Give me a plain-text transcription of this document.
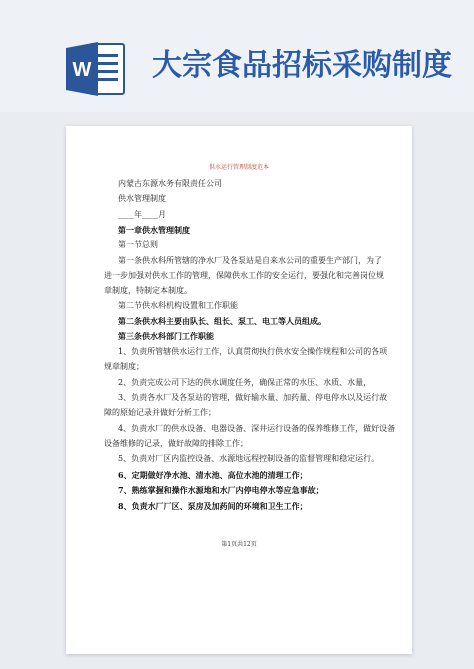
W 大宗食品招标采购制度
供水运行管理制度范本
内蒙古东源水务有限责任公司
供水管理制度
____年____月
第一章供水管理制度
第一节总则
第一条供水科所管辖的净水厂及各泵站是自来水公司的重要生产部门，为了
进一步加强对供水工作的管理，保障供水工作的安全运行，要强化和完善岗位规
章制度，特制定本制度。
第二节供水科机构设置和工作职能
第二条供水科主要由队长、组长、泵工、电工等人员组成。
第三条供水科部门工作职能
1、负责所管辖供水运行工作，认真贯彻执行供水安全操作规程和公司的各项
规章制度；
2、负责完成公司下达的供水调度任务，确保正常的水压、水质、水量，
3、负责各水厂及各泵站的管理，做好输水量、加药量、停电停水以及运行故
障的原始记录并做好分析工作；
4、负责水厂的供水设备、电器设备、深井运行设备的保养维修工作，做好设备
设备维修的记录，做好故障的排除工作；
5、负责对厂区内监控设备、水源地远程控制设备的监督管理和稳定运行。
6、定期做好净水池、清水池、高位水池的清理工作；
7、熟练掌握和操作水源地和水厂内停电停水等应急事故；
8、负责水厂厂区、泵房及加药间的环境和卫生工作；
第1页共12页
